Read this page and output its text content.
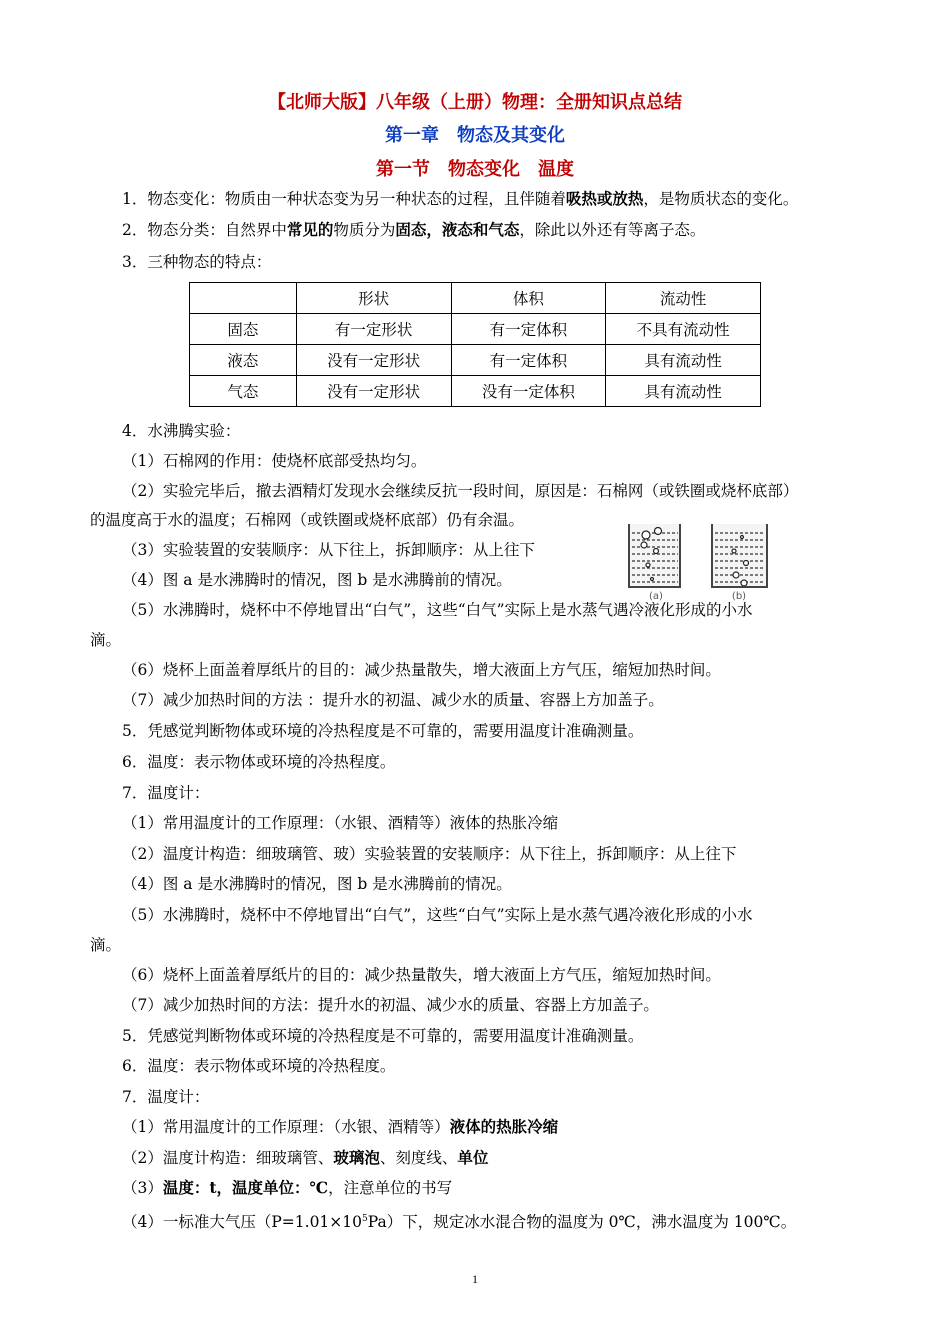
【北师大版】八年级（上册）物理：全册知识点总结
第一章　物态及其变化
第一节　物态变化　温度
1．物态变化：物质由一种状态变为另一种状态的过程，且伴随着吸热或放热，是物质状态的变化。
2．物态分类：自然界中常见的物质分为固态，液态和气态，除此以外还有等离子态。
3．三种物态的特点：
	形状	体积	流动性
固态	有一定形状	有一定体积	不具有流动性
液态	没有一定形状	有一定体积	具有流动性
气态	没有一定形状	没有一定体积	具有流动性
4．水沸腾实验：
（1）石棉网的作用：使烧杯底部受热均匀。
（2）实验完毕后，撤去酒精灯发现水会继续反抗一段时间，原因是：石棉网（或铁圈或烧杯底部）
的温度高于水的温度；石棉网（或铁圈或烧杯底部）仍有余温。
（3）实验装置的安装顺序：从下往上，拆卸顺序：从上往下
（4）图 a 是水沸腾时的情况，图 b 是水沸腾前的情况。
(a)	(b)
（5）水沸腾时，烧杯中不停地冒出“白气”，这些“白气”实际上是水蒸气遇冷液化形成的小水
滴。
（6）烧杯上面盖着厚纸片的目的：减少热量散失，增大液面上方气压，缩短加热时间。
（7）减少加热时间的方法 ：提升水的初温、减少水的质量、容器上方加盖子。
5．凭感觉判断物体或环境的冷热程度是不可靠的，需要用温度计准确测量。
6．温度：表示物体或环境的冷热程度。
7．温度计：
（1）常用温度计的工作原理：（水银、酒精等）液体的热胀冷缩
（2）温度计构造：细玻璃管、玻）实验装置的安装顺序：从下往上，拆卸顺序：从上往下
（4）图 a 是水沸腾时的情况，图 b 是水沸腾前的情况。
（5）水沸腾时，烧杯中不停地冒出“白气”，这些“白气”实际上是水蒸气遇冷液化形成的小水
滴。
（6）烧杯上面盖着厚纸片的目的：减少热量散失，增大液面上方气压，缩短加热时间。
（7）减少加热时间的方法：提升水的初温、减少水的质量、容器上方加盖子。
5．凭感觉判断物体或环境的冷热程度是不可靠的，需要用温度计准确测量。
6．温度：表示物体或环境的冷热程度。
7．温度计：
（1）常用温度计的工作原理：（水银、酒精等）液体的热胀冷缩
（2）温度计构造：细玻璃管、玻璃泡、刻度线、单位
（3）温度：t，温度单位：℃，注意单位的书写
（4）一标准大气压$(P=1.01\times 10^5Pa)$下，规定冰水混合物的温度为 0℃，沸水温度为 100℃。
1
